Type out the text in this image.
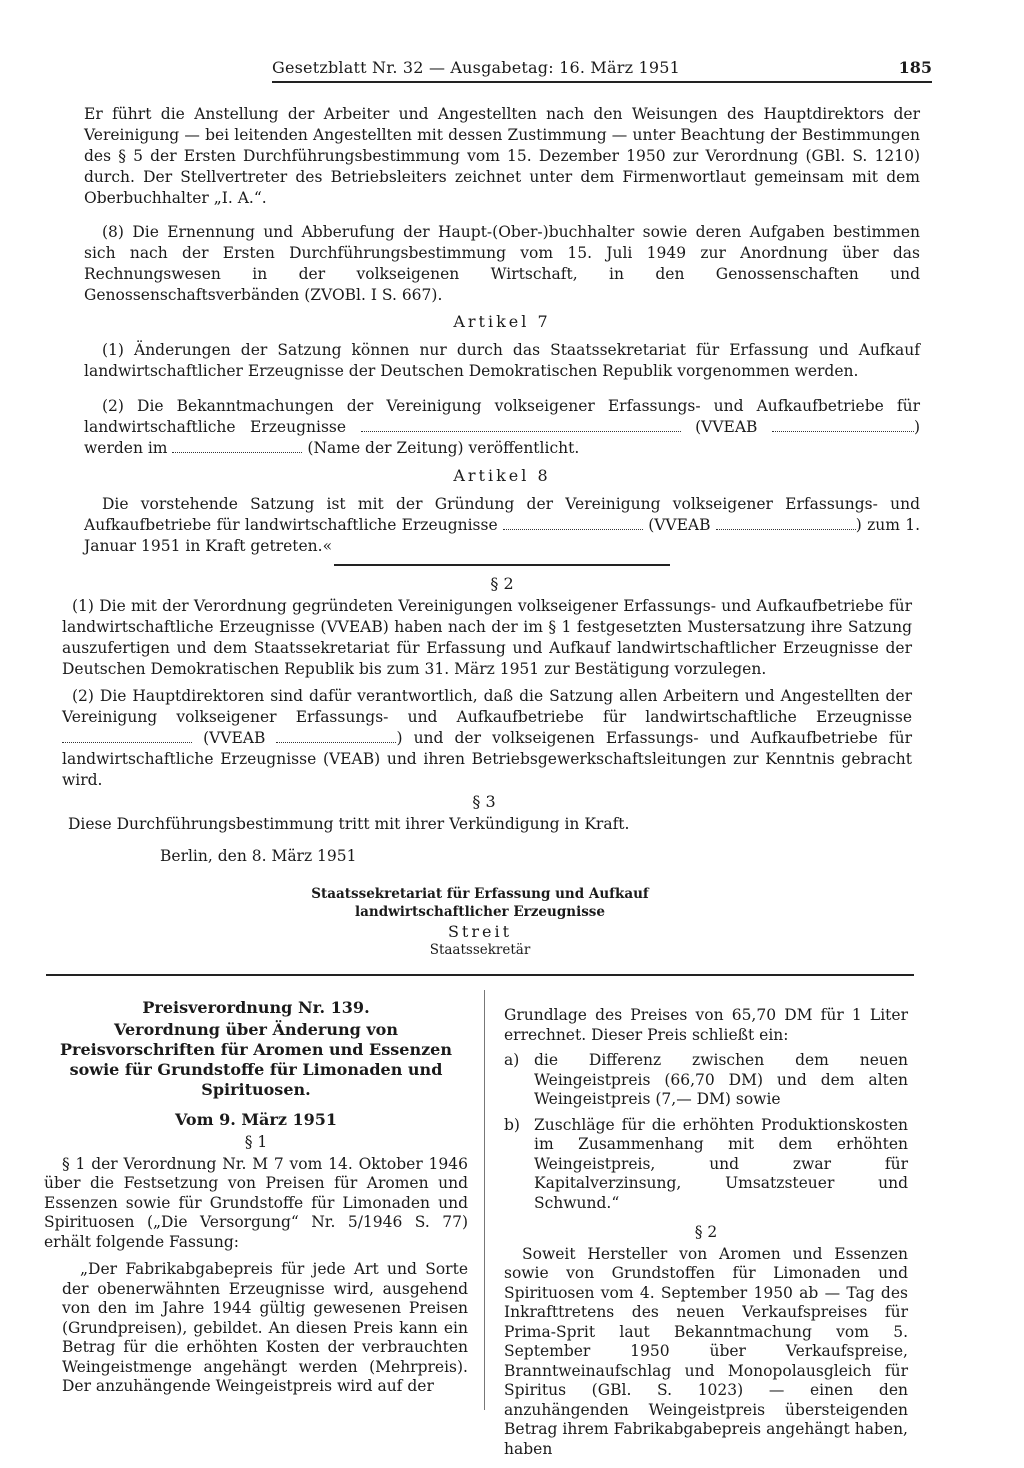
Gesetzblatt Nr. 32 — Ausgabetag: 16. März 1951	185
Er führt die Anstellung der Arbeiter und Angestellten nach den Weisungen des Hauptdirektors der Vereinigung — bei leitenden Angestellten mit dessen Zustimmung — unter Beachtung der Bestimmungen des § 5 der Ersten Durchführungsbestimmung vom 15. Dezember 1950 zur Verordnung (GBl. S. 1210) durch. Der Stellvertreter des Betriebsleiters zeichnet unter dem Firmenwortlaut gemeinsam mit dem Oberbuchhalter „I. A.“.
(8) Die Ernennung und Abberufung der Haupt-(Ober-)buchhalter sowie deren Aufgaben bestimmen sich nach der Ersten Durchführungsbestimmung vom 15. Juli 1949 zur Anordnung über das Rechnungswesen in der volkseigenen Wirtschaft, in den Genossenschaften und Genossenschaftsverbänden (ZVOBl. I S. 667).
Artikel 7
(1) Änderungen der Satzung können nur durch das Staatssekretariat für Erfassung und Aufkauf landwirtschaftlicher Erzeugnisse der Deutschen Demokratischen Republik vorgenommen werden.
(2) Die Bekanntmachungen der Vereinigung volkseigener Erfassungs- und Aufkaufbetriebe für landwirtschaftliche Erzeugnisse	(VVEAB	) werden im	(Name der Zeitung) veröffentlicht.
Artikel 8
Die vorstehende Satzung ist mit der Gründung der Vereinigung volkseigener Erfassungs- und Aufkaufbetriebe für landwirtschaftliche Erzeugnisse	(VVEAB	) zum 1. Januar 1951 in Kraft getreten.«
§ 2
(1) Die mit der Verordnung gegründeten Vereinigungen volkseigener Erfassungs- und Aufkaufbetriebe für landwirtschaftliche Erzeugnisse (VVEAB) haben nach der im § 1 festgesetzten Mustersatzung ihre Satzung auszufertigen und dem Staatssekretariat für Erfassung und Aufkauf landwirtschaftlicher Erzeugnisse der Deutschen Demokratischen Republik bis zum 31. März 1951 zur Bestätigung vorzulegen.
(2) Die Hauptdirektoren sind dafür verantwortlich, daß die Satzung allen Arbeitern und Angestellten der Vereinigung volkseigener Erfassungs- und Aufkaufbetriebe für landwirtschaftliche Erzeugnisse  (VVEAB	) und der volkseigenen Erfassungs- und Aufkaufbetriebe für landwirtschaftliche Erzeugnisse (VEAB) und ihren Betriebsgewerkschaftsleitungen zur Kenntnis gebracht wird.
§ 3
Diese Durchführungsbestimmung tritt mit ihrer Verkündigung in Kraft.
Berlin, den 8. März 1951
Staatssekretariat für Erfassung und Aufkauf
landwirtschaftlicher Erzeugnisse
Streit
Staatssekretär

Preisverordnung Nr. 139.

Verordnung über Änderung von Preisvorschriften für Aromen und Essenzen sowie für Grundstoffe für Limonaden und Spirituosen.

Vom 9. März 1951

§ 1

§ 1 der Verordnung Nr. M 7 vom 14. Oktober 1946 über die Festsetzung von Preisen für Aromen und Essenzen sowie für Grundstoffe für Limonaden und Spirituosen („Die Versorgung“ Nr. 5/1946 S. 77) erhält folgende Fassung:

„Der Fabrikabgabepreis für jede Art und Sorte der obenerwähnten Erzeugnisse wird, ausgehend von den im Jahre 1944 gültig gewesenen Preisen (Grundpreisen), gebildet. An diesen Preis kann ein Betrag für die erhöhten Kosten der verbrauchten Weingeistmenge angehängt werden (Mehrpreis). Der anzuhängende Weingeistpreis wird auf der

Grundlage des Preises von 65,70 DM für 1 Liter errechnet. Dieser Preis schließt ein:

a) die Differenz zwischen dem neuen Weingeistpreis (66,70 DM) und dem alten Weingeistpreis (7,— DM) sowie
b) Zuschläge für die erhöhten Produktionskosten im Zusammenhang mit dem erhöhten Weingeistpreis, und zwar für Kapitalverzinsung, Umsatzsteuer und Schwund.“

§ 2

Soweit Hersteller von Aromen und Essenzen sowie von Grundstoffen für Limonaden und Spirituosen vom 4. September 1950 ab — Tag des Inkrafttretens des neuen Verkaufspreises für Prima-Sprit laut Bekanntmachung vom 5. September 1950 über Verkaufspreise, Branntweinaufschlag und Monopolausgleich für Spiritus (GBl. S. 1023) — einen den anzuhängenden Weingeistpreis übersteigenden Betrag ihrem Fabrikabgabepreis angehängt haben, haben
